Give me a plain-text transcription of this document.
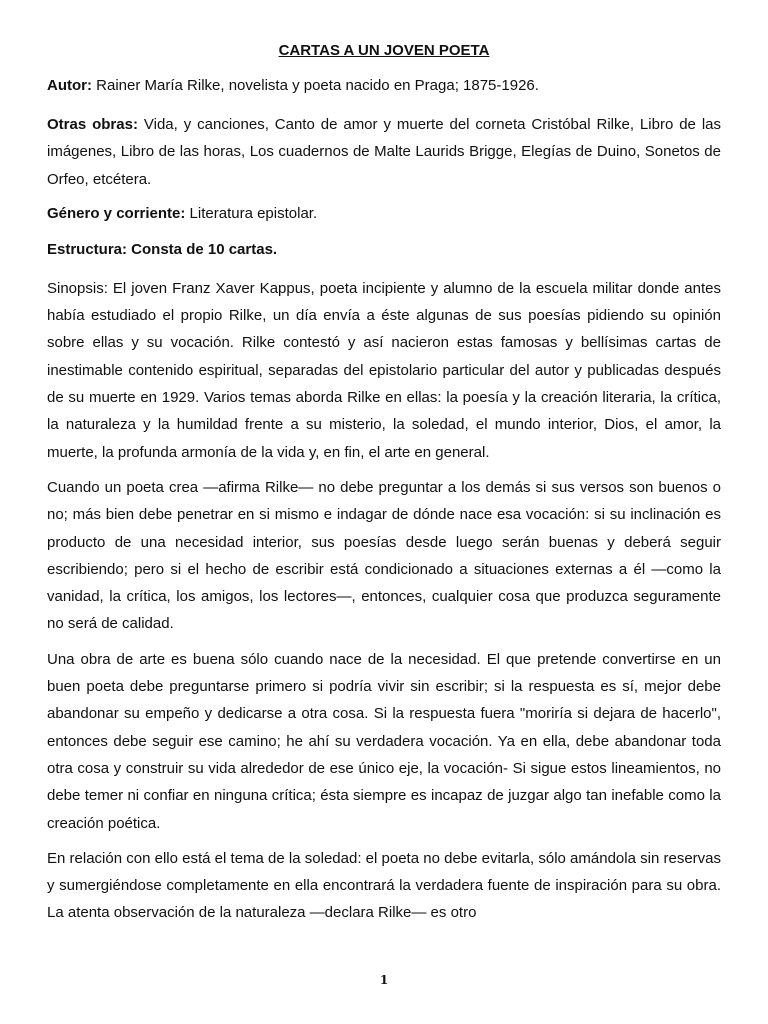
CARTAS A UN JOVEN POETA

Autor: Rainer María Rilke, novelista y poeta nacido en Praga; 1875-1926.

Otras obras: Vida, y canciones, Canto de amor y muerte del corneta Cristóbal Rilke, Libro de las imágenes, Libro de las horas, Los cuadernos de Malte Laurids Brigge, Elegías de Duino, Sonetos de Orfeo, etcétera.

Género y corriente: Literatura epistolar.

Estructura: Consta de 10 cartas.

Sinopsis: El joven Franz Xaver Kappus, poeta incipiente y alumno de la escuela militar donde antes había estudiado el propio Rilke, un día envía a éste algunas de sus poesías pidiendo su opinión sobre ellas y su vocación. Rilke contestó y así nacieron estas famosas y bellísimas cartas de inestimable contenido espiritual, separadas del epistolario particular del autor y publicadas después de su muerte en 1929. Varios temas aborda Rilke en ellas: la poesía y la creación literaria, la crítica, la naturaleza y la humildad frente a su misterio, la soledad, el mundo interior, Dios, el amor, la muerte, la profunda armonía de la vida y, en fin, el arte en general.

Cuando un poeta crea —afirma Rilke— no debe preguntar a los demás si sus versos son buenos o no; más bien debe penetrar en si mismo e indagar de dónde nace esa vocación: si su inclinación es producto de una necesidad interior, sus poesías desde luego serán buenas y deberá seguir escribiendo; pero si el hecho de escribir está condicionado a situaciones externas a él —como la vanidad, la crítica, los amigos, los lectores—, entonces, cualquier cosa que produzca seguramente no será de calidad.

Una obra de arte es buena sólo cuando nace de la necesidad. El que pretende convertirse en un buen poeta debe preguntarse primero si podría vivir sin escribir; si la respuesta es sí, mejor debe abandonar su empeño y dedicarse a otra cosa. Si la respuesta fuera "moriría si dejara de hacerlo", entonces debe seguir ese camino; he ahí su verdadera vocación. Ya en ella, debe abandonar toda otra cosa y construir su vida alrededor de ese único eje, la vocación- Si sigue estos lineamientos, no debe temer ni confiar en ninguna crítica; ésta siempre es incapaz de juzgar algo tan inefable como la creación poética.

En relación con ello está el tema de la soledad: el poeta no debe evitarla, sólo amándola sin reservas y sumergiéndose completamente en ella encontrará la verdadera fuente de inspiración para su obra. La atenta observación de la naturaleza —declara Rilke— es otro

1
